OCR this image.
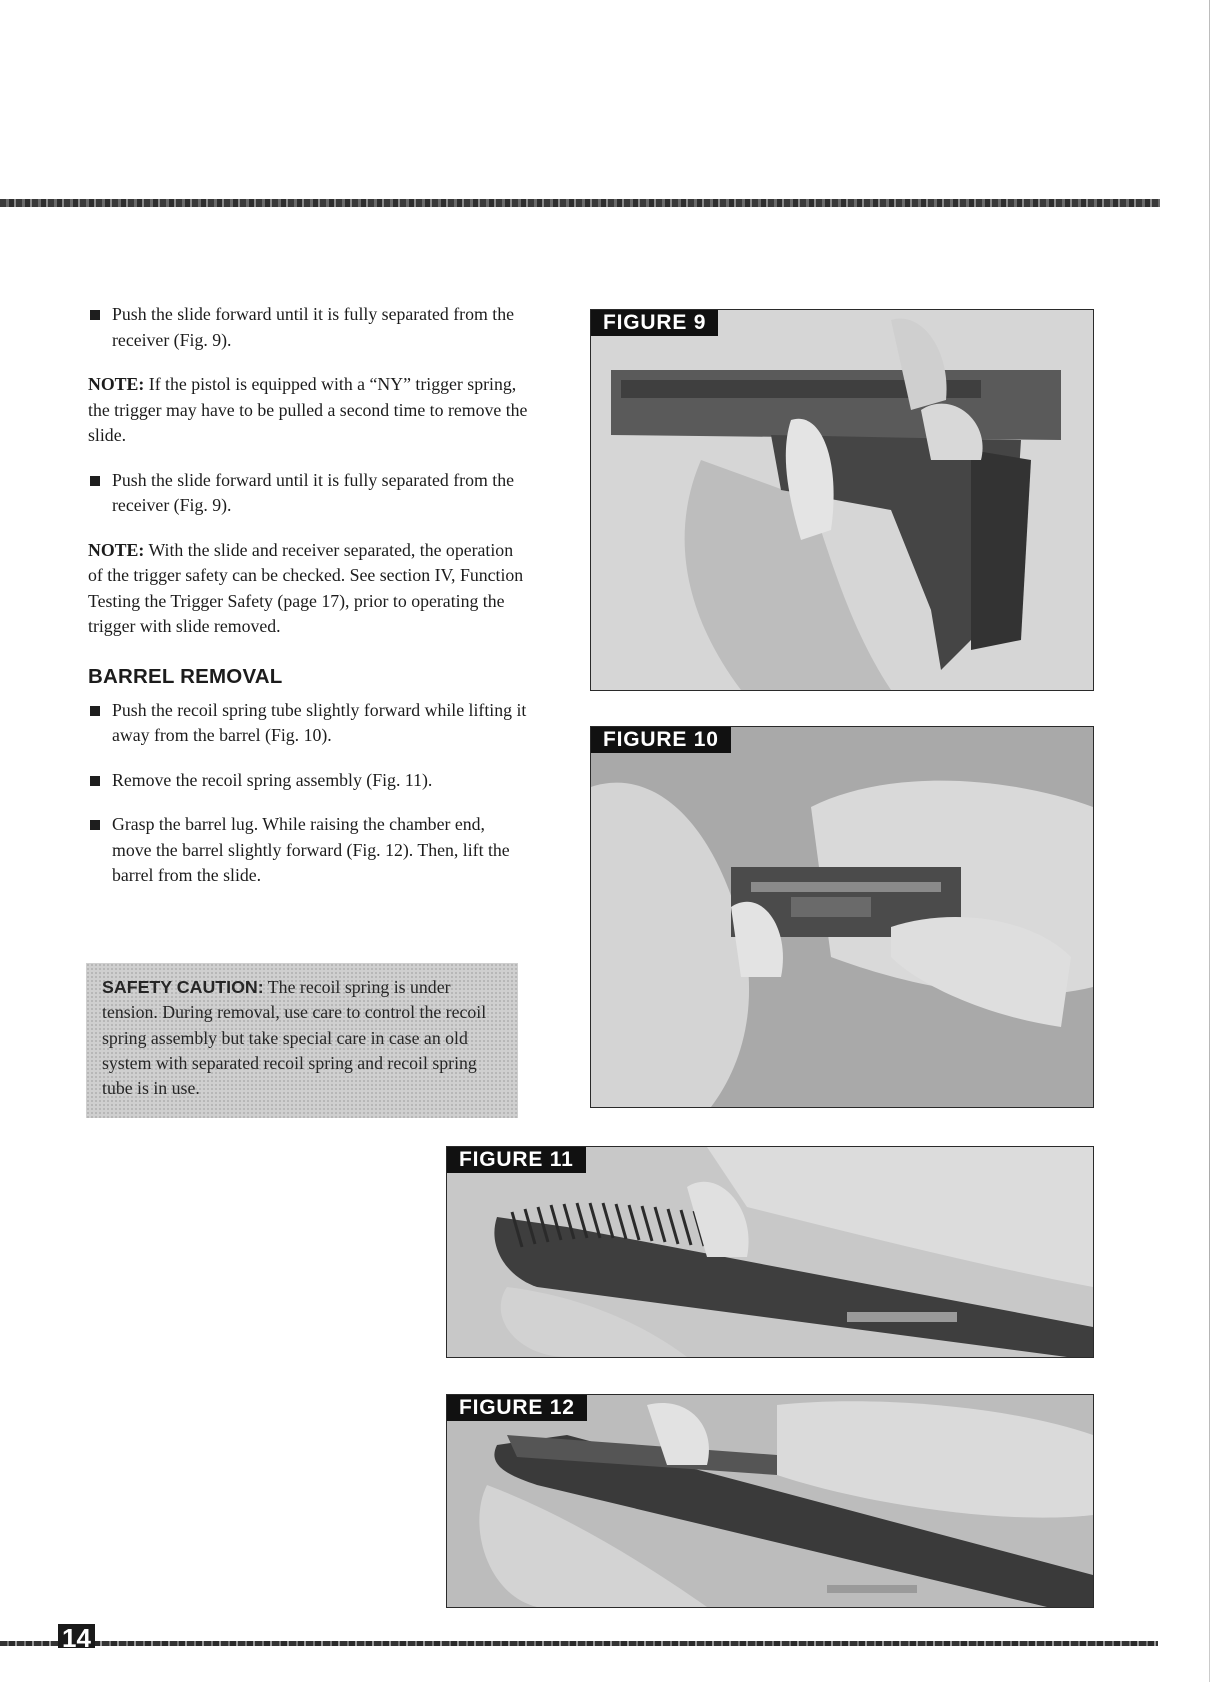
Push the slide forward until it is fully separated from the receiver (Fig. 9).

NOTE: If the pistol is equipped with a “NY” trigger spring, the trigger may have to be pulled a second time to remove the slide.

Push the slide forward until it is fully separated from the receiver (Fig. 9).

NOTE: With the slide and receiver separated, the operation of the trigger safety can be checked. See section IV, Function Testing the Trigger Safety (page 17), prior to operating the trigger with slide removed.

BARREL REMOVAL
Push the recoil spring tube slightly forward while lifting it away from the barrel (Fig. 10).
Remove the recoil spring assembly (Fig. 11).
Grasp the barrel lug. While raising the chamber end, move the barrel slightly forward (Fig. 12). Then, lift the barrel from the slide.
SAFETY CAUTION: The recoil spring is under tension. During removal, use care to control the recoil spring assembly but take special care in case an old system with separated recoil spring and recoil spring tube is in use.
FIGURE 9
FIGURE 10
FIGURE 11
FIGURE 12
14
